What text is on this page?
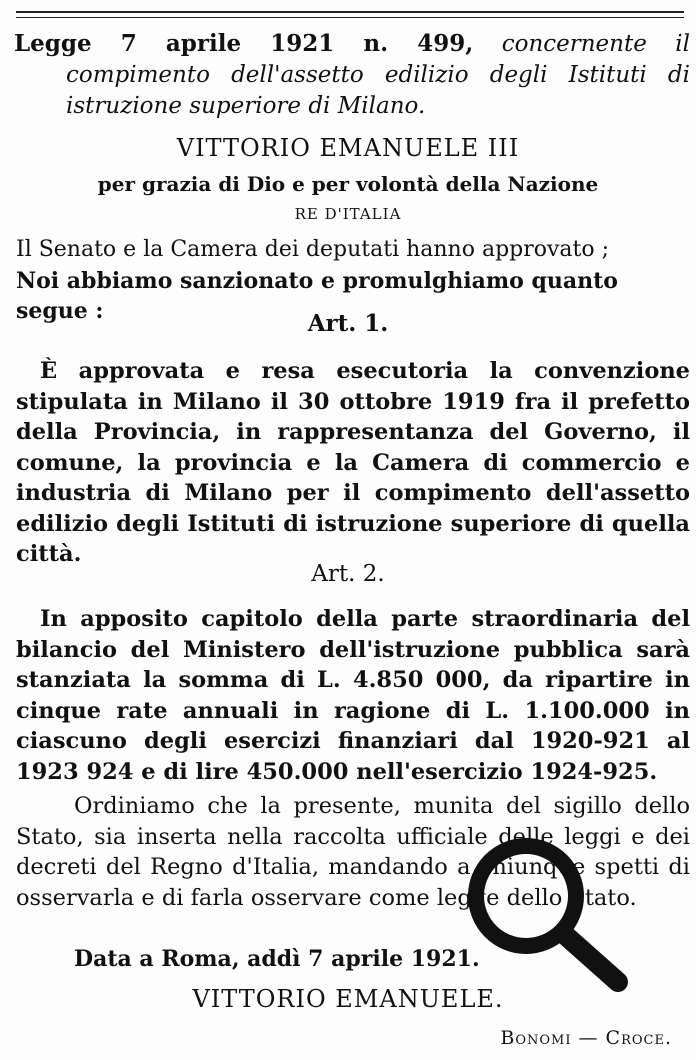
Legge 7 aprile 1921 n. 499, concernente il compimento dell'assetto edilizio degli Istituti di istruzione superiore di Milano.

VITTORIO EMANUELE III

per grazia di Dio e per volontà della Nazione

RE D'ITALIA

Il Senato e la Camera dei deputati hanno approvato ;

Noi abbiamo sanzionato e promulghiamo quanto segue :	Art. 1.

È approvata e resa esecutoria la convenzione stipulata in Milano il 30 ottobre 1919 fra il prefetto della Provincia, in rappresentanza del Governo, il comune, la provincia e la Camera di commercio e industria di Milano per il compimento dell'assetto edilizio degli Istituti di istruzione superiore di quella città.

Art. 2.

In apposito capitolo della parte straordinaria del bilancio del Ministero dell'istruzione pubblica sarà stanziata la somma di L. 4.850 000, da ripartire in cinque rate annuali in ragione di L. 1.100.000 in ciascuno degli esercizi finanziari dal 1920-921 al 1923 924 e di lire 450.000 nell'esercizio 1924-925.

Ordiniamo che la presente, munita del sigillo dello Stato, sia inserta nella raccolta ufficiale delle leggi e dei decreti del Regno d'Italia, mandando a chiunque spetti di osservarla e di farla osservare come legge dello Stato.

Data a Roma, addì 7 aprile 1921.

VITTORIO EMANUELE.

Bonomi — Croce.
